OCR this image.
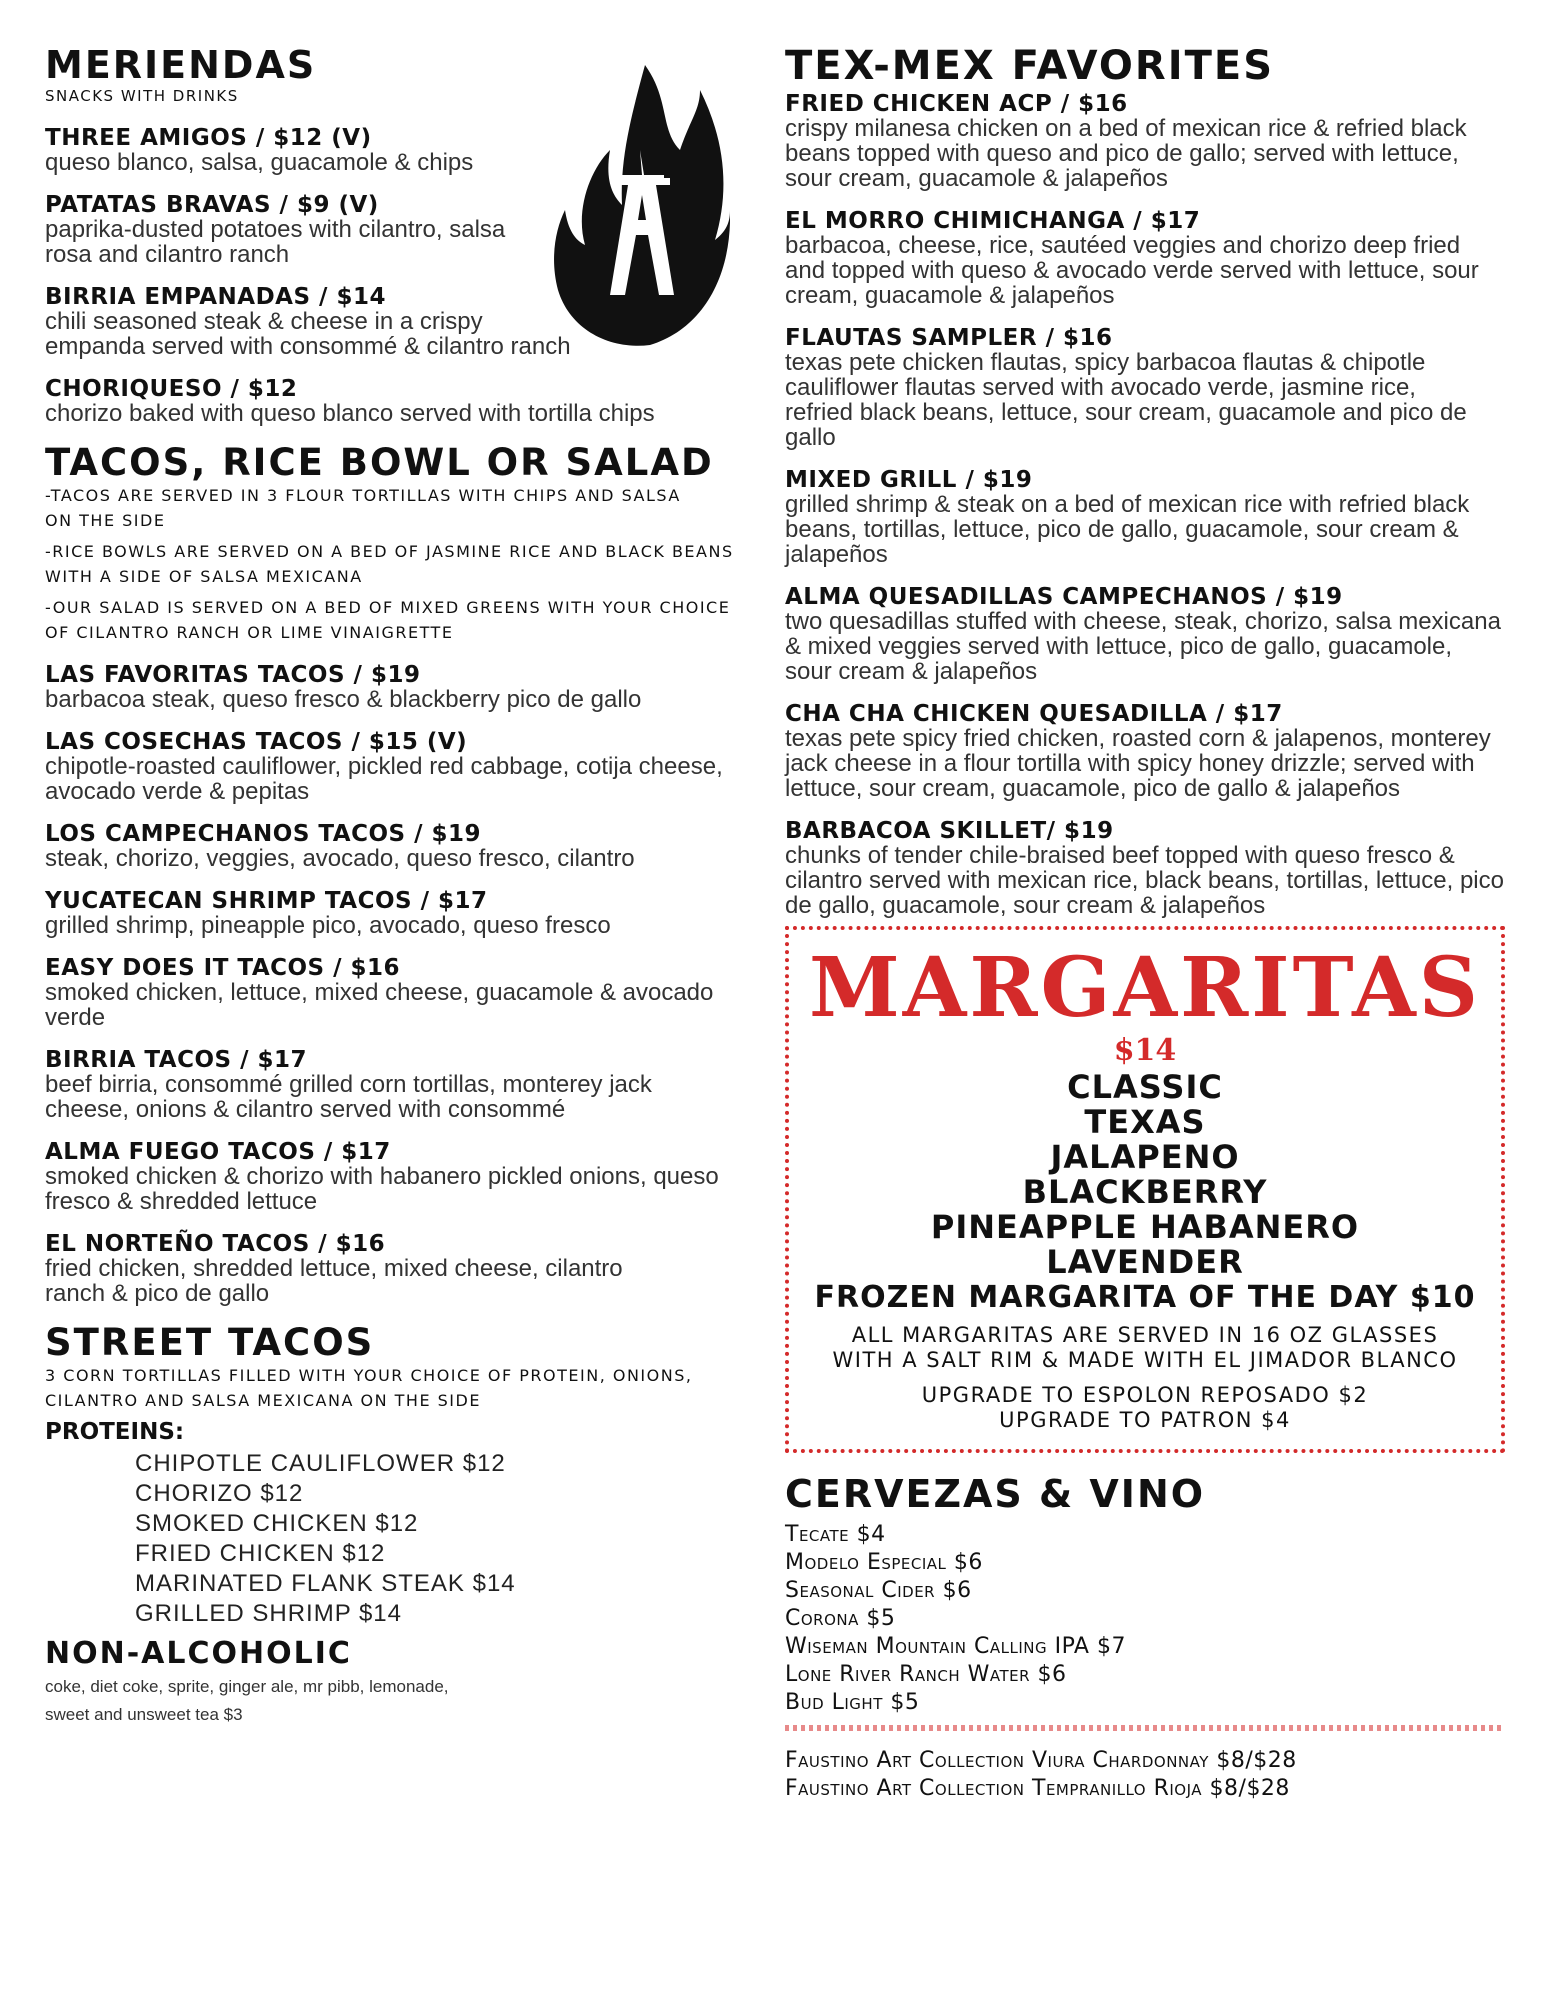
MERIENDAS
SNACKS WITH DRINKS
THREE AMIGOS / $12 (V)
queso blanco, salsa, guacamole & chips
PATATAS BRAVAS / $9 (V)
paprika-dusted potatoes with cilantro, salsa rosa and cilantro ranch
BIRRIA EMPANADAS / $14
chili seasoned steak & cheese in a crispy empanda served with consommé & cilantro ranch
CHORIQUESO / $12
chorizo baked with queso blanco served with tortilla chips
TACOS, RICE BOWL OR SALAD
-TACOS ARE SERVED IN 3 FLOUR TORTILLAS WITH CHIPS AND SALSA ON THE SIDE
-RICE BOWLS ARE SERVED ON A BED OF JASMINE RICE AND BLACK BEANS WITH A SIDE OF SALSA MEXICANA
-OUR SALAD IS SERVED ON A BED OF MIXED GREENS WITH YOUR CHOICE OF CILANTRO RANCH OR LIME VINAIGRETTE
LAS FAVORITAS TACOS / $19
barbacoa steak, queso fresco & blackberry pico de gallo
LAS COSECHAS TACOS / $15 (V)
chipotle-roasted cauliflower, pickled red cabbage, cotija cheese, avocado verde & pepitas
LOS CAMPECHANOS TACOS / $19
steak, chorizo, veggies, avocado, queso fresco, cilantro
YUCATECAN SHRIMP TACOS / $17
grilled shrimp, pineapple pico, avocado, queso fresco
EASY DOES IT TACOS / $16
smoked chicken, lettuce, mixed cheese, guacamole & avocado verde
BIRRIA TACOS / $17
beef birria, consommé grilled corn tortillas, monterey jack cheese, onions & cilantro served with consommé
ALMA FUEGO TACOS / $17
smoked chicken & chorizo with habanero pickled onions, queso fresco & shredded lettuce
EL NORTEÑO TACOS / $16
fried chicken, shredded lettuce, mixed cheese, cilantro ranch & pico de gallo
STREET TACOS
3 CORN TORTILLAS FILLED WITH YOUR CHOICE OF PROTEIN, ONIONS, CILANTRO AND SALSA MEXICANA ON THE SIDE
PROTEINS:
CHIPOTLE CAULIFLOWER $12
CHORIZO $12
SMOKED CHICKEN $12
FRIED CHICKEN $12
MARINATED FLANK STEAK $14
GRILLED SHRIMP $14
NON-ALCOHOLIC
coke, diet coke, sprite, ginger ale, mr pibb, lemonade,
sweet and unsweet tea $3
TEX-MEX FAVORITES
FRIED CHICKEN ACP / $16
crispy milanesa chicken on a bed of mexican rice & refried black beans topped with queso and pico de gallo; served with lettuce, sour cream, guacamole & jalapeños
EL MORRO CHIMICHANGA / $17
barbacoa, cheese, rice, sautéed veggies and chorizo deep fried and topped with queso & avocado verde served with lettuce, sour cream, guacamole & jalapeños
FLAUTAS SAMPLER / $16
texas pete chicken flautas, spicy barbacoa flautas & chipotle cauliflower flautas served with avocado verde, jasmine rice, refried black beans, lettuce, sour cream, guacamole and pico de gallo
MIXED GRILL / $19
grilled shrimp & steak on a bed of mexican rice with refried black beans, tortillas, lettuce, pico de gallo, guacamole, sour cream & jalapeños
ALMA QUESADILLAS CAMPECHANOS / $19
two quesadillas stuffed with cheese, steak, chorizo, salsa mexicana & mixed veggies served with lettuce, pico de gallo, guacamole, sour cream & jalapeños
CHA CHA CHICKEN QUESADILLA / $17
texas pete spicy fried chicken, roasted corn & jalapenos, monterey jack cheese in a flour tortilla with spicy honey drizzle; served with lettuce, sour cream, guacamole, pico de gallo & jalapeños
BARBACOA SKILLET/ $19
chunks of tender chile-braised beef topped with queso fresco & cilantro served with mexican rice, black beans, tortillas, lettuce, pico de gallo, guacamole, sour cream & jalapeños
MARGARITAS
$14
CLASSIC
TEXAS
JALAPENO
BLACKBERRY
PINEAPPLE HABANERO
LAVENDER
FROZEN MARGARITA OF THE DAY $10
ALL MARGARITAS ARE SERVED IN 16 OZ GLASSES WITH A SALT RIM & MADE WITH EL JIMADOR BLANCO
UPGRADE TO ESPOLON REPOSADO $2
UPGRADE TO PATRON $4
CERVEZAS & VINO
Tecate $4
Modelo Especial $6
Seasonal Cider $6
Corona $5
Wiseman Mountain Calling IPA $7
Lone River Ranch Water $6
Bud Light $5
Faustino Art Collection Viura Chardonnay $8/$28
Faustino Art Collection Tempranillo Rioja $8/$28
